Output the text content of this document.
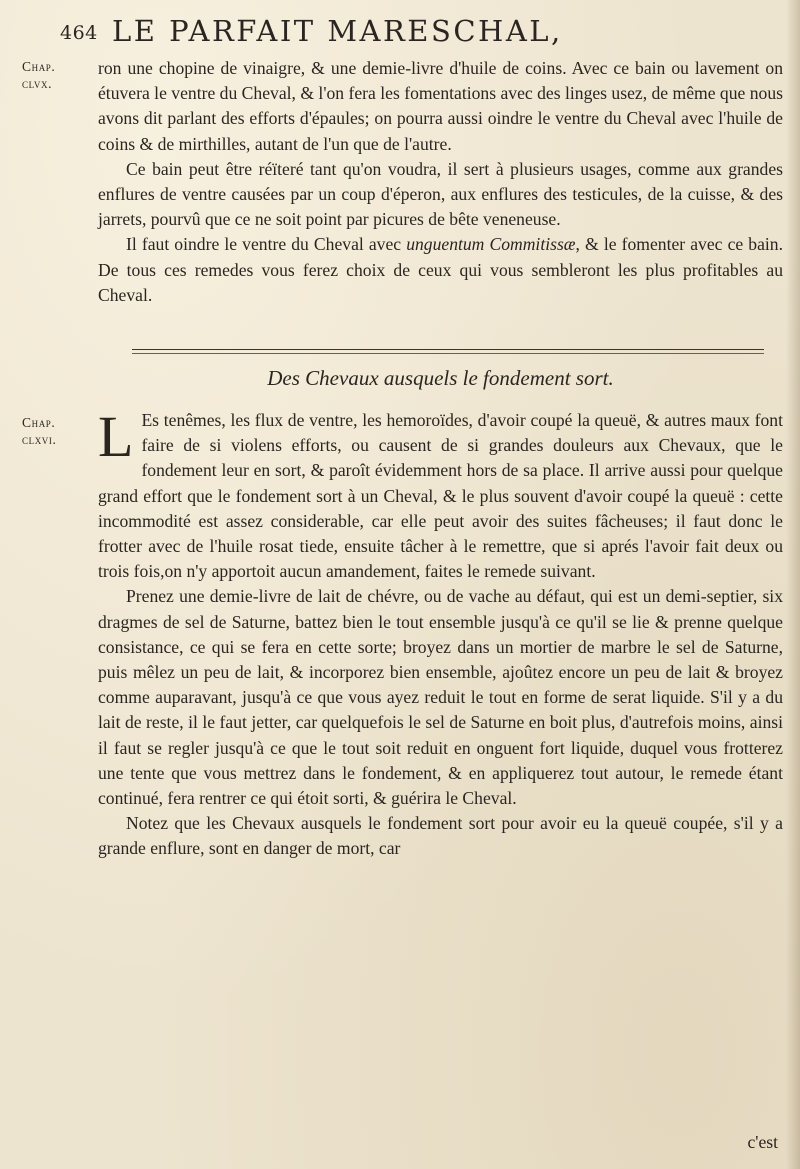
464 LE PARFAIT MARESCHAL,
Chap.
clvx.

ron une chopine de vinaigre, & une demie-livre d'huile de coins. Avec ce bain ou lavement on étuvera le ventre du Cheval, & l'on fera les fomentations avec des linges usez, de même que nous avons dit parlant des efforts d'épaules; on pourra aussi oindre le ventre du Cheval avec l'huile de coins & de mirthilles, autant de l'un que de l'autre.

Ce bain peut être réïteré tant qu'on voudra, il sert à plusieurs usages, comme aux grandes enflures de ventre causées par un coup d'éperon, aux enflures des testicules, de la cuisse, & des jarrets, pourvû que ce ne soit point par picures de bête veneneuse.

Il faut oindre le ventre du Cheval avec unguentum Commitissæ, & le fomenter avec ce bain. De tous ces remedes vous ferez choix de ceux qui vous sembleront les plus profitables au Cheval.

Des Chevaux ausquels le fondement sort.
Chap.
clxvi. L Es tenêmes, les flux de ventre, les hemoroïdes, d'avoir coupé la queuë, & autres maux font faire de si violens efforts, ou causent de si grandes douleurs aux Chevaux, que le fondement leur en sort, & paroît évidemment hors de sa place. Il arrive aussi pour quelque grand effort que le fondement sort à un Cheval, & le plus souvent d'avoir coupé la queuë : cette incommodité est assez considerable, car elle peut avoir des suites fâcheuses; il faut donc le frotter avec de l'huile rosat tiede, ensuite tâcher à le remettre, que si aprés l'avoir fait deux ou trois fois,on n'y apportoit aucun amandement, faites le remede suivant.

Prenez une demie-livre de lait de chévre, ou de vache au défaut, qui est un demi-septier, six dragmes de sel de Saturne, battez bien le tout ensemble jusqu'à ce qu'il se lie & prenne quelque consistance, ce qui se fera en cette sorte; broyez dans un mortier de marbre le sel de Saturne, puis mêlez un peu de lait, & incorporez bien ensemble, ajoûtez encore un peu de lait & broyez comme auparavant, jusqu'à ce que vous ayez reduit le tout en forme de serat liquide. S'il y a du lait de reste, il le faut jetter, car quelquefois le sel de Saturne en boit plus, d'autrefois moins, ainsi il faut se regler jusqu'à ce que le tout soit reduit en onguent fort liquide, duquel vous frotterez une tente que vous mettrez dans le fondement, & en appliquerez tout autour, le remede étant continué, fera rentrer ce qui étoit sorti, & guérira le Cheval.

Notez que les Chevaux ausquels le fondement sort pour avoir eu la queuë coupée, s'il y a grande enflure, sont en danger de mort, car

c'est
